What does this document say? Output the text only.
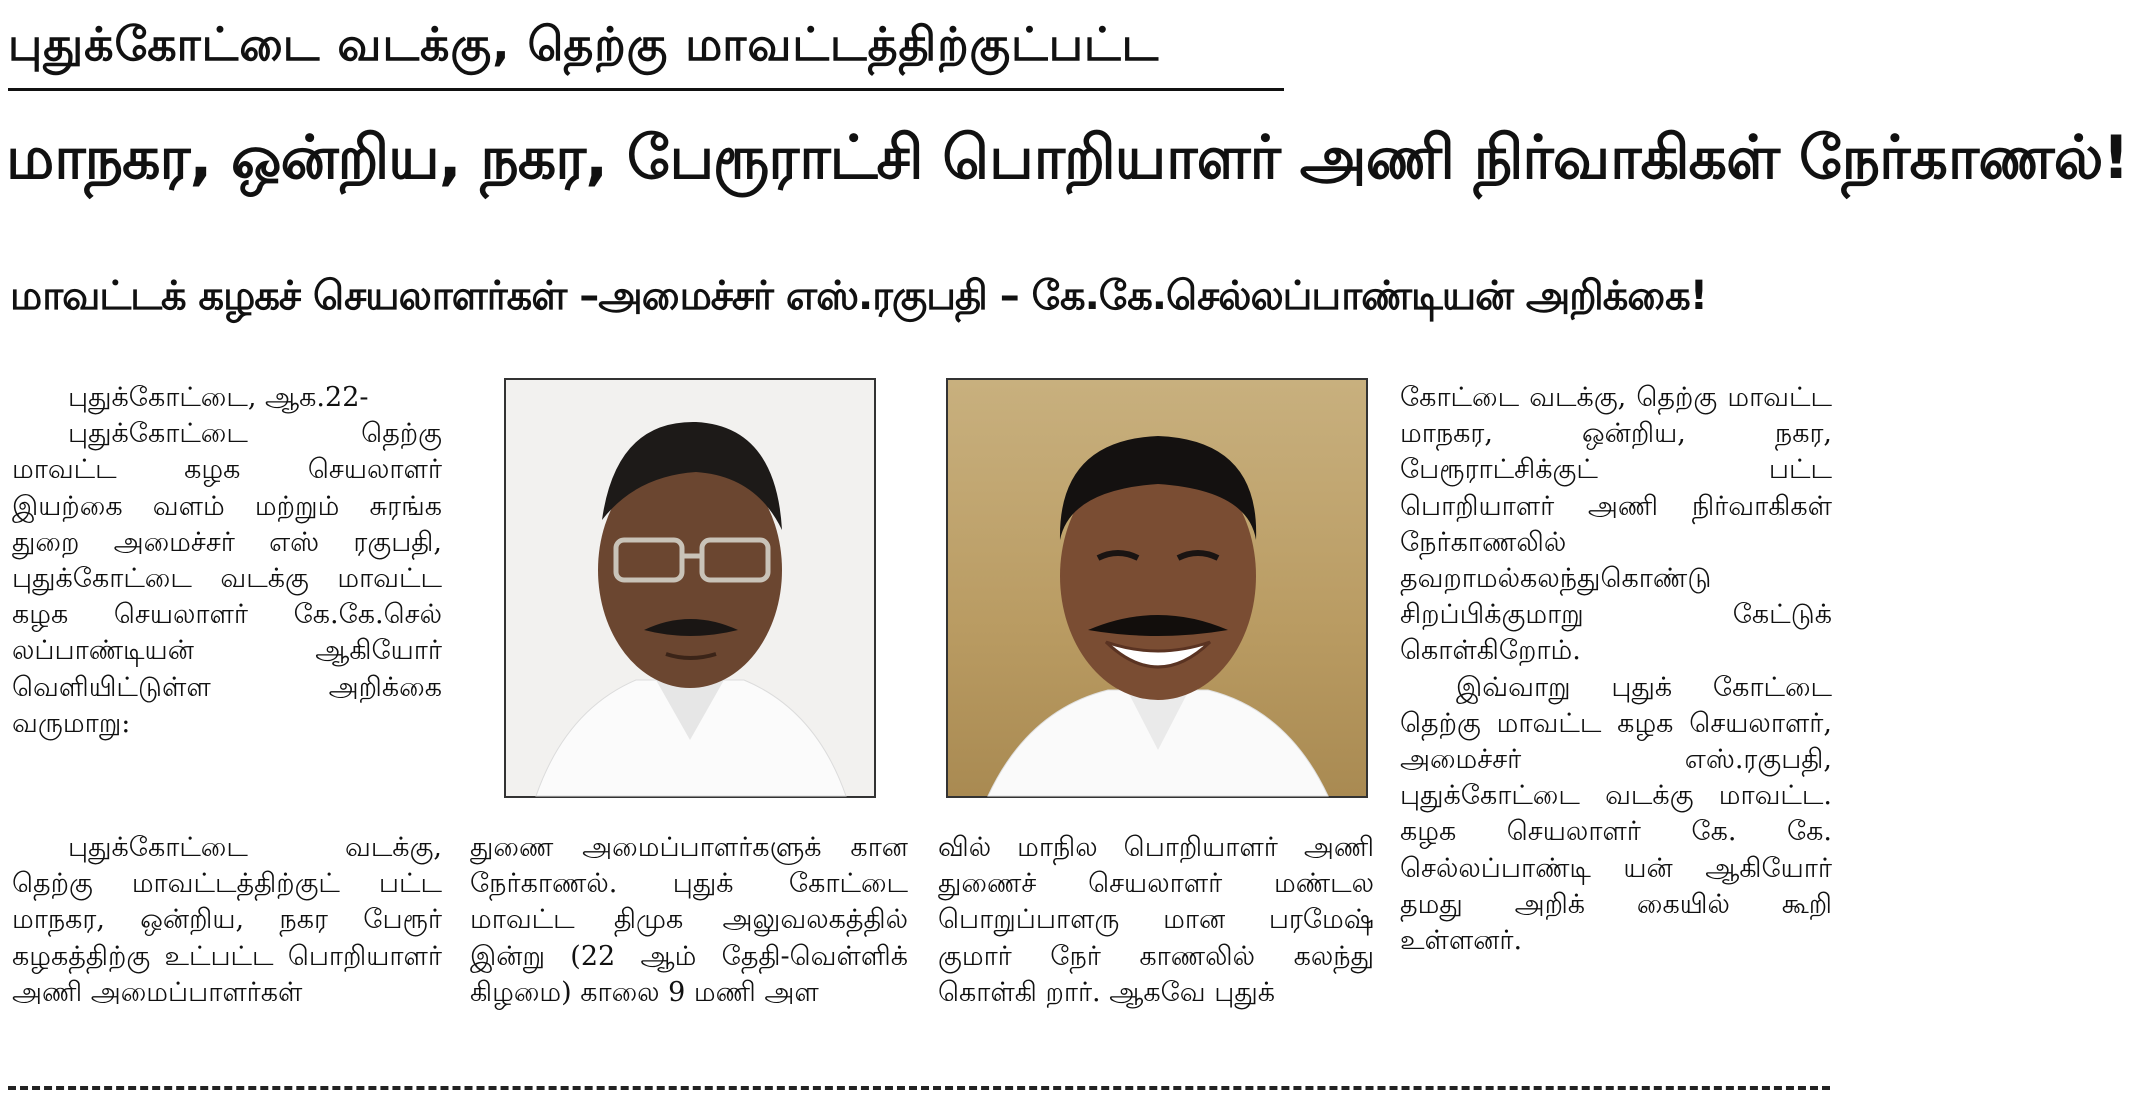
புதுக்கோட்டை வடக்கு, தெற்கு மாவட்டத்திற்குட்பட்ட
மாநகர, ஒன்றிய, நகர, பேரூராட்சி பொறியாளர் அணி நிர்வாகிகள் நேர்காணல்!
மாவட்டக் கழகச் செயலாளர்கள் –அமைச்சர் எஸ்.ரகுபதி – கே.கே.செல்லப்பாண்டியன் அறிக்கை!

புதுக்கோட்டை, ஆக.22-

புதுக்கோட்டை தெற்கு மாவட்ட கழக செயலாளர் இயற்கை வளம் மற்றும் சுரங்க துறை அமைச்சர் எஸ் ரகுபதி, புதுக்கோட்டை வடக்கு மாவட்ட கழக செயலாளர் கே.கே.செல் லப்பாண்டியன் ஆகியோர் வெளியிட்டுள்ள அறிக்கை வருமாறு:

கோட்டை வடக்கு, தெற்கு மாவட்ட மாநகர, ஒன்றிய, நகர, பேரூராட்சிக்குட் பட்ட பொறியாளர் அணி நிர்வாகிகள் நேர்காணலில் தவறாமல்கலந்துகொண்டு சிறப்பிக்குமாறு கேட்டுக் கொள்கிறோம்.

இவ்வாறு புதுக் கோட்டை தெற்கு மாவட்ட கழக செயலாளர், அமைச்சர் எஸ்.ரகுபதி, புதுக்கோட்டை வடக்கு மாவட்ட. கழக செயலாளர் கே. கே. செல்லப்பாண்டி யன் ஆகியோர் தமது அறிக் கையில் கூறி உள்ளனர்.

புதுக்கோட்டை வடக்கு, தெற்கு மாவட்டத்திற்குட் பட்ட மாநகர, ஒன்றிய, நகர பேரூர் கழகத்திற்கு உட்பட்ட பொறியாளர் அணி அமைப்பாளர்கள்

துணை அமைப்பாளர்களுக் கான நேர்காணல். புதுக் கோட்டை மாவட்ட திமுக அலுவலகத்தில் இன்று (22 ஆம் தேதி-வெள்ளிக் கிழமை) காலை 9 மணி அள

வில் மாநில பொறியாளர் அணி துணைச் செயலாளர் மண்டல பொறுப்பாளரு மான பரமேஷ் குமார் நேர் காணலில் கலந்து கொள்கி றார். ஆகவே புதுக்
